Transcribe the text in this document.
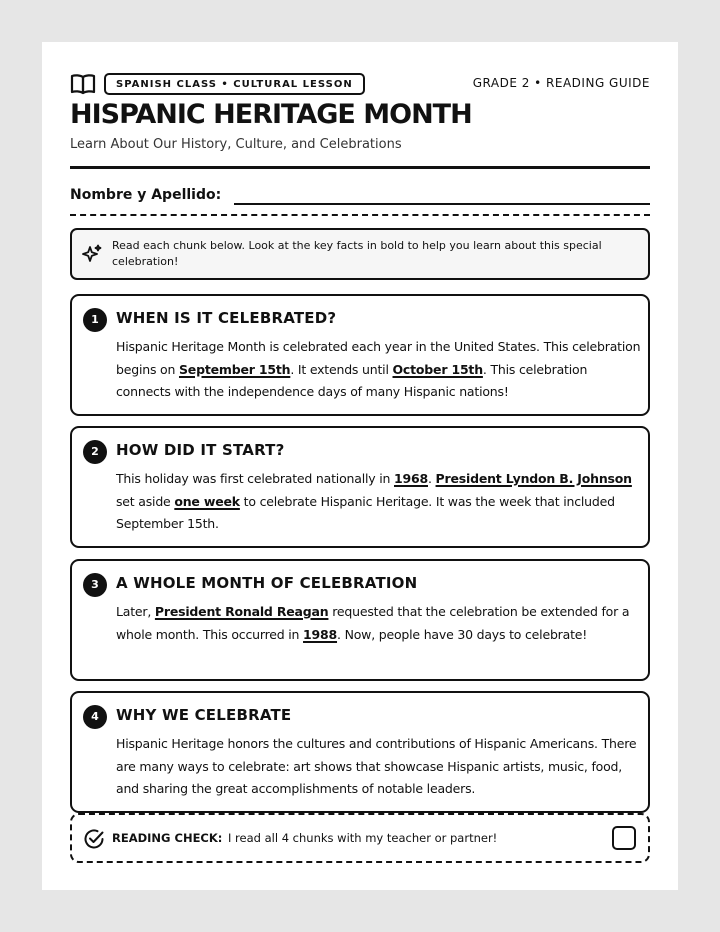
SPANISH CLASS • CULTURAL LESSON	GRADE 2 • READING GUIDE
HISPANIC HERITAGE MONTH
Learn About Our History, Culture, and Celebrations
Nombre y Apellido:
Read each chunk below. Look at the key facts in bold to help you learn about this special celebration!
1	WHEN IS IT CELEBRATED?
Hispanic Heritage Month is celebrated each year in the United States. This celebration begins on September 15th. It extends until October 15th. This celebration connects with the independence days of many Hispanic nations!
2	HOW DID IT START?
This holiday was first celebrated nationally in 1968. President Lyndon B. Johnson set aside one week to celebrate Hispanic Heritage. It was the week that included September 15th.
3	A WHOLE MONTH OF CELEBRATION
Later, President Ronald Reagan requested that the celebration be extended for a whole month. This occurred in 1988. Now, people have 30 days to celebrate!
4	WHY WE CELEBRATE
Hispanic Heritage honors the cultures and contributions of Hispanic Americans. There are many ways to celebrate: art shows that showcase Hispanic artists, music, food, and sharing the great accomplishments of notable leaders.
READING CHECK: I read all 4 chunks with my teacher or partner!
